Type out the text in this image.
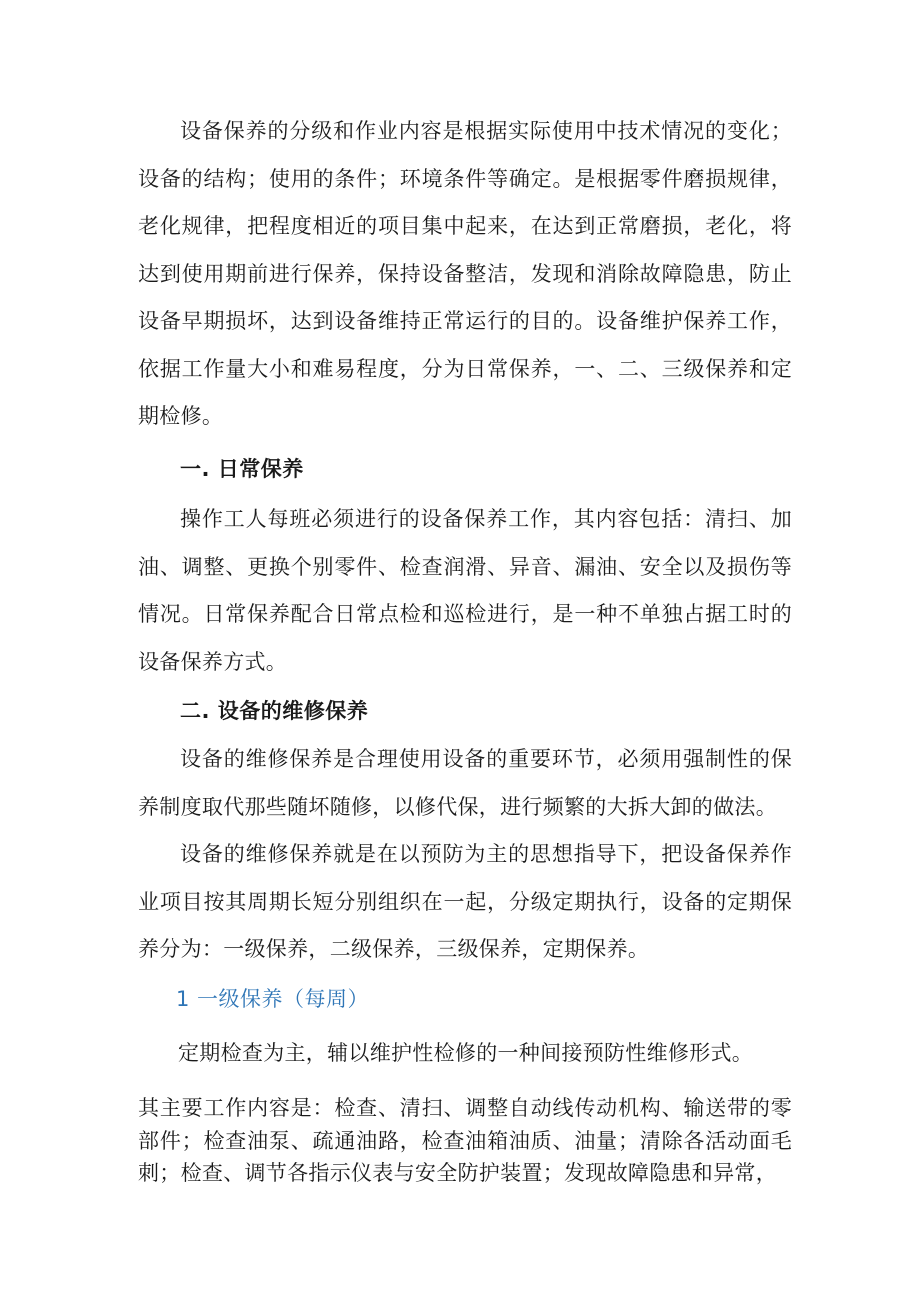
设备保养的分级和作业内容是根据实际使用中技术情况的变化；设备的结构；使用的条件；环境条件等确定。是根据零件磨损规律，老化规律，把程度相近的项目集中起来，在达到正常磨损，老化，将达到使用期前进行保养，保持设备整洁，发现和消除故障隐患，防止设备早期损坏，达到设备维持正常运行的目的。设备维护保养工作，依据工作量大小和难易程度，分为日常保养，一、二、三级保养和定期检修。

一. 日常保养

操作工人每班必须进行的设备保养工作，其内容包括：清扫、加油、调整、更换个别零件、检查润滑、异音、漏油、安全以及损伤等情况。日常保养配合日常点检和巡检进行，是一种不单独占据工时的设备保养方式。

二. 设备的维修保养

设备的维修保养是合理使用设备的重要环节，必须用强制性的保养制度取代那些随坏随修，以修代保，进行频繁的大拆大卸的做法。

设备的维修保养就是在以预防为主的思想指导下，把设备保养作业项目按其周期长短分别组织在一起，分级定期执行，设备的定期保养分为：一级保养，二级保养，三级保养，定期保养。

1 一级保养（每周）

定期检查为主，辅以维护性检修的一种间接预防性维修形式。

其主要工作内容是：检查、清扫、调整自动线传动机构、输送带的零部件；检查油泵、疏通油路，检查油箱油质、油量；清除各活动面毛刺；检查、调节各指示仪表与安全防护装置；发现故障隐患和异常，
